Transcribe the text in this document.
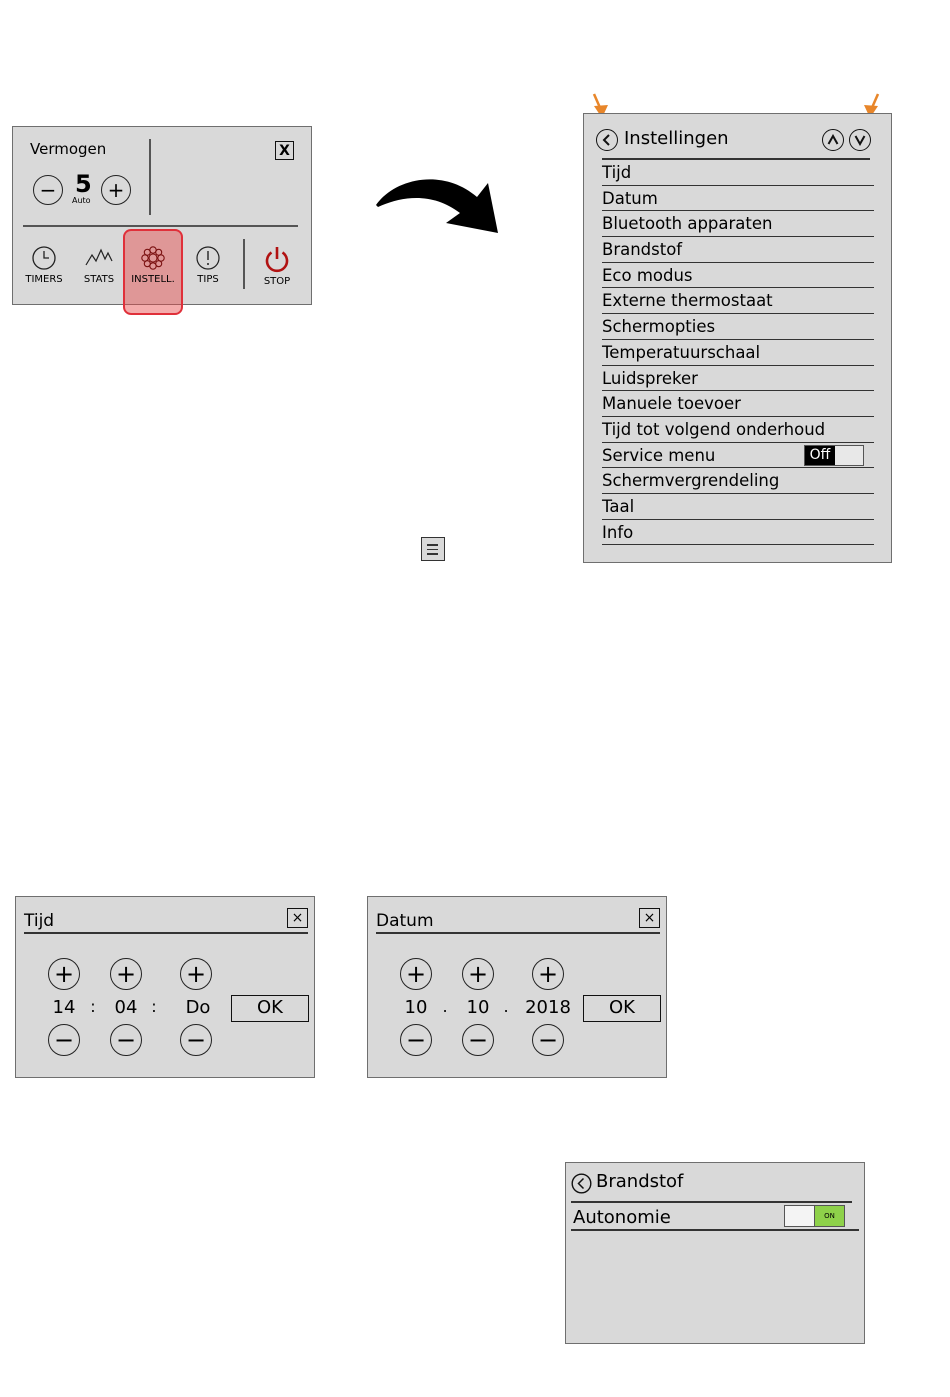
Vermogen	X
− 5
Auto +
TIMERS	STATS	INSTELL.	TIPS	STOP
Instellingen
Tijd
Datum
Bluetooth apparaten
Brandstof
Eco modus
Externe thermostaat
Schermopties
Temperatuurschaal
Luidspreker
Manuele toevoer
Tijd tot volgend onderhoud
Service menu	Off
Schermvergrendeling
Taal
Info
Tijd	×
+ + +
14 :	04 :	Do	OK
− − −
Datum	×
+ + +
10 .	10 . 2018	OK
− − −
Brandstof
Autonomie	ON
